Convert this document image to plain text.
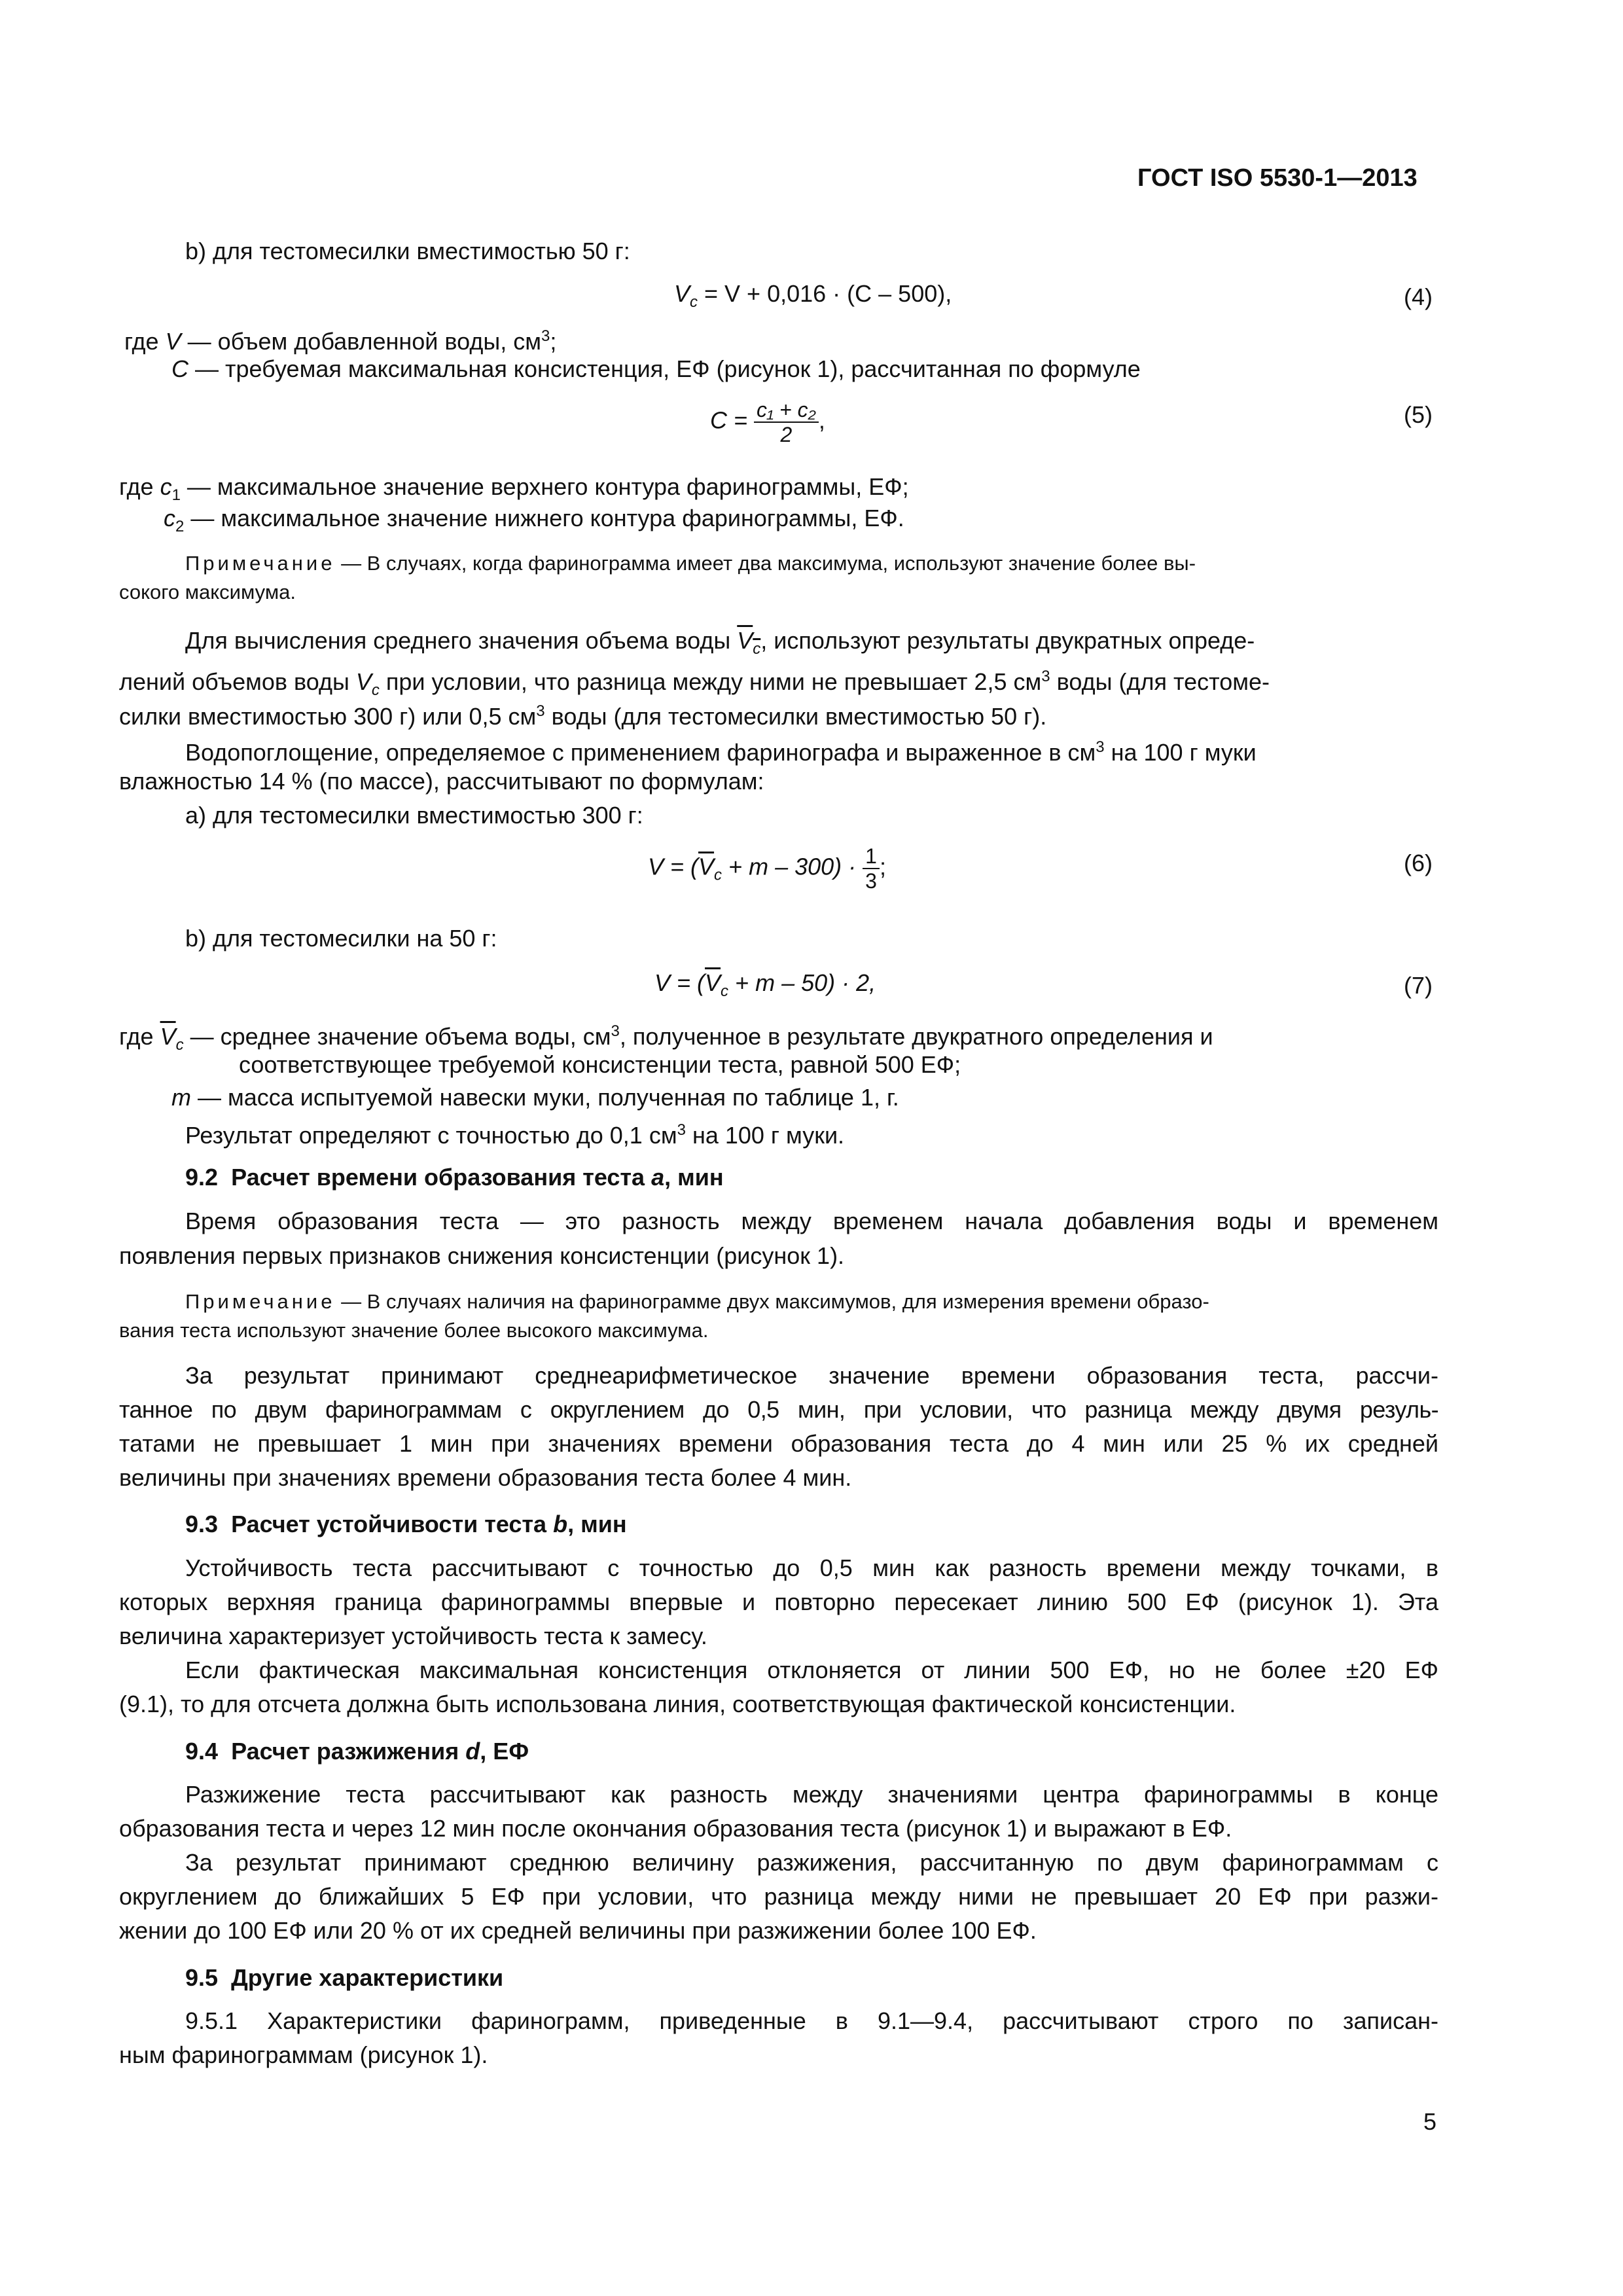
ГОСТ ISO 5530-1—2013
b) для тестомесилки вместимостью 50 г:
$V_c = V + 0,016 \cdot (C - 500)$,	(4)
где V — объем добавленной воды, $см^3$;
C — требуемая максимальная консистенция, ЕФ (рисунок 1), рассчитанная по формуле
$C = \frac{\text{c₁ + c₂}}{2}$ ,	(5)
где $c_1$ — максимальное значение верхнего контура фаринограммы, ЕФ;
$c_2$ — максимальное значение нижнего контура фаринограммы, ЕФ.
Примечание — В случаях, когда фаринограмма имеет два максимума, используют значение более вы-
сокого максимума.
Для вычисления среднего значения объема воды $V_c$, используют результаты двукратных опреде-
лений объемов воды $V_c$ при условии, что разница между ними не превышает 2,5 $см^3$ воды (для тестоме-
силки вместимостью 300 г) или 0,5 $см^3$ воды (для тестомесилки вместимостью 50 г).
Водопоглощение, определяемое с применением фаринографа и выраженное в $см^3$ на 100 г муки
влажностью 14 % (по массе), рассчитывают по формулам:
а) для тестомесилки вместимостью 300 г:
$V = (\overline{V}_c + m - 300) \cdot \frac{1}{3}$ ;	(6)
b) для тестомесилки на 50 г:
$V = (\overline{V}_c + m - 50) \cdot 2$,	(7)
где $\overline{V}_c$ — среднее значение объема воды, $см^3$, полученное в результате двукратного определения и
соответствующее требуемой консистенции теста, равной 500 ЕФ;
m — масса испытуемой навески муки, полученная по таблице 1, г.
Результат определяют с точностью до 0,1 $см^3$ на 100 г муки.
9.2 Расчет времени образования теста a, мин
Время образования теста — это разность между временем начала добавления воды и временем
появления первых признаков снижения консистенции (рисунок 1).
Примечание — В случаях наличия на фаринограмме двух максимумов, для измерения времени образо-
вания теста используют значение более высокого максимума.
За результат принимают среднеарифметическое значение времени образования теста, рассчи-
танное по двум фаринограммам с округлением до 0,5 мин, при условии, что разница между двумя резуль-
татами не превышает 1 мин при значениях времени образования теста до 4 мин или 25 % их средней
величины при значениях времени образования теста более 4 мин.
9.3 Расчет устойчивости теста b, мин
Устойчивость теста рассчитывают с точностью до 0,5 мин как разность времени между точками, в
которых верхняя граница фаринограммы впервые и повторно пересекает линию 500 ЕФ (рисунок 1). Эта
величина характеризует устойчивость теста к замесу.
Если фактическая максимальная консистенция отклоняется от линии 500 ЕФ, но не более ±20 ЕФ
(9.1), то для отсчета должна быть использована линия, соответствующая фактической консистенции.
9.4 Расчет разжижения d, ЕФ
Разжижение теста рассчитывают как разность между значениями центра фаринограммы в конце
образования теста и через 12 мин после окончания образования теста (рисунок 1) и выражают в ЕФ.
За результат принимают среднюю величину разжижения, рассчитанную по двум фаринограммам с
округлением до ближайших 5 ЕФ при условии, что разница между ними не превышает 20 ЕФ при разжи-
жении до 100 ЕФ или 20 % от их средней величины при разжижении более 100 ЕФ.
9.5 Другие характеристики
9.5.1 Характеристики фаринограмм, приведенные в 9.1—9.4, рассчитывают строго по записан-
ным фаринограммам (рисунок 1).
5
